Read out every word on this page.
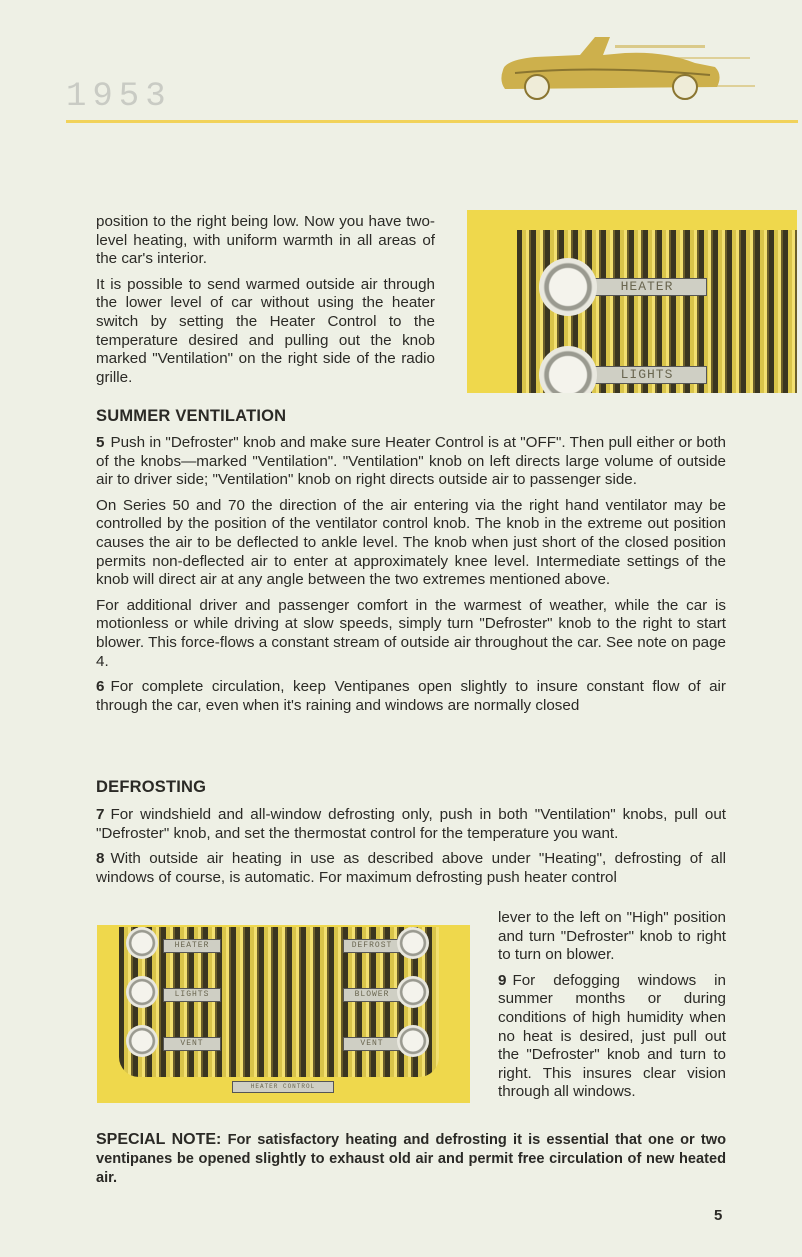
1953

position to the right being low. Now you have two-level heating, with uniform warmth in all areas of the car's interior.

It is possible to send warmed outside air through the lower level of car without using the heater switch by setting the Heater Control to the temperature desired and pulling out the knob marked "Ventilation" on the right side of the radio grille.

HEATER
LIGHTS
SUMMER VENTILATION

5 Push in "Defroster" knob and make sure Heater Control is at "OFF". Then pull either or both of the knobs—marked "Ventilation". "Ventilation" knob on left directs large volume of outside air to driver side; "Ventilation" knob on right directs outside air to passenger side.

On Series 50 and 70 the direction of the air entering via the right hand ventilator may be controlled by the position of the ventilator control knob. The knob in the extreme out position causes the air to be deflected to ankle level. The knob when just short of the closed position permits non-deflected air to enter at approximately knee level. Intermediate settings of the knob will direct air at any angle between the two extremes mentioned above.

For additional driver and passenger comfort in the warmest of weather, while the car is motionless or while driving at slow speeds, simply turn "Defroster" knob to the right to start blower. This force-flows a constant stream of outside air throughout the car. See note on page 4.

6 For complete circulation, keep Ventipanes open slightly to insure constant flow of air through the car, even when it's raining and windows are normally closed

DEFROSTING

7 For windshield and all-window defrosting only, push in both "Ventilation" knobs, pull out "Defroster" knob, and set the thermostat control for the temperature you want.

8 With outside air heating in use as described above under "Heating", defrosting of all windows of course, is automatic. For maximum defrosting push heater control

lever to the left on "High" position and turn "Defroster" knob to right to turn on blower.

9 For defogging windows in summer months or during conditions of high humidity when no heat is desired, just pull out the "Defroster" knob and turn to right. This insures clear vision through all windows.

HEATER
LIGHTS
VENT
DEFROST
BLOWER
VENT
HEATER CONTROL
SPECIAL NOTE: For satisfactory heating and defrosting it is essential that one or two ventipanes be opened slightly to exhaust old air and permit free circulation of new heated air.
5
